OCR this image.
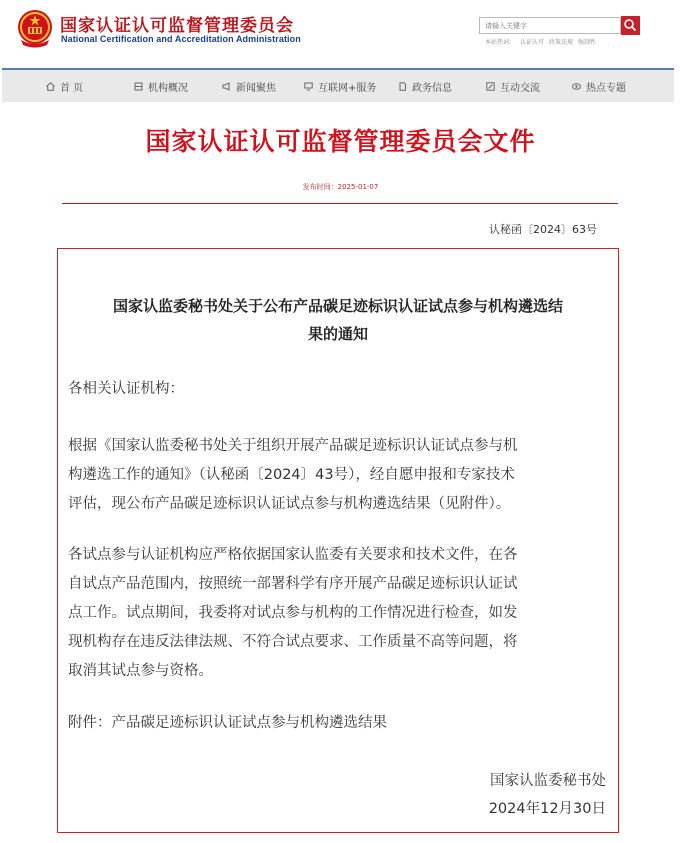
国家认证认可监督管理委员会
National Certification and Accreditation Administration
请输入关键字
本站热词： 认证认可 政策法规 强制性
首 页	机构概况	新闻聚焦	互联网+服务	政务信息	互动交流	热点专题
国家认证认可监督管理委员会文件
发布时间：2025-01-07
认秘函〔2024〕63号
国家认监委秘书处关于公布产品碳足迹标识认证试点参与机构遴选结
果的通知
各相关认证机构：
根据《国家认监委秘书处关于组织开展产品碳足迹标识认证试点参与机
构遴选工作的通知》（认秘函〔2024〕43号），经自愿申报和专家技术
评估，现公布产品碳足迹标识认证试点参与机构遴选结果（见附件）。
各试点参与认证机构应严格依据国家认监委有关要求和技术文件，在各
自试点产品范围内，按照统一部署科学有序开展产品碳足迹标识认证试
点工作。试点期间，我委将对试点参与机构的工作情况进行检查，如发
现机构存在违反法律法规、不符合试点要求、工作质量不高等问题，将
取消其试点参与资格。
附件：产品碳足迹标识认证试点参与机构遴选结果
国家认监委秘书处
2024年12月30日
